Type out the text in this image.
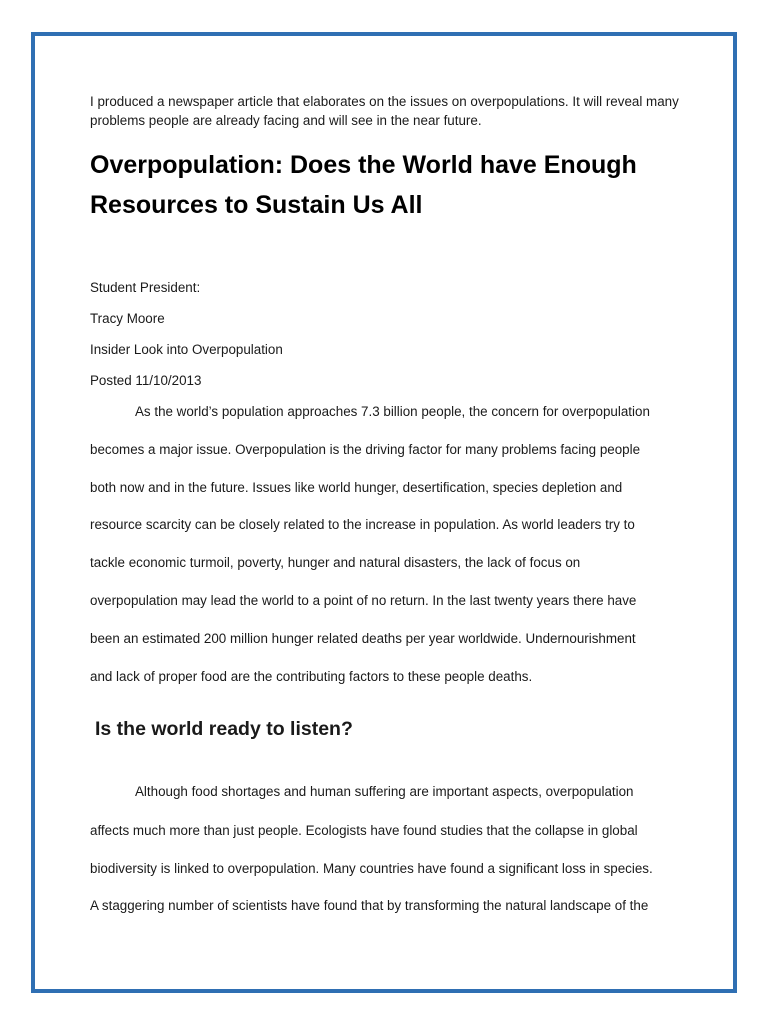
I produced a newspaper article that elaborates on the issues on overpopulations. It will reveal many problems people are already facing and will see in the near future.

Overpopulation: Does the World have Enough Resources to Sustain Us All

Student President:

Tracy Moore

Insider Look into Overpopulation

Posted 11/10/2013

As the world’s population approaches 7.3 billion people, the concern for overpopulation

becomes a major issue. Overpopulation is the driving factor for many problems facing people

both now and in the future. Issues like world hunger, desertification, species depletion and

resource scarcity can be closely related to the increase in population. As world leaders try to

tackle economic turmoil, poverty, hunger and natural disasters, the lack of focus on

overpopulation may lead the world to a point of no return. In the last twenty years there have

been an estimated 200 million hunger related deaths per year worldwide. Undernourishment

and lack of proper food are the contributing factors to these people deaths.

Is the world ready to listen?

Although food shortages and human suffering are important aspects, overpopulation

affects much more than just people. Ecologists have found studies that the collapse in global

biodiversity is linked to overpopulation. Many countries have found a significant loss in species.

A staggering number of scientists have found that by transforming the natural landscape of the
